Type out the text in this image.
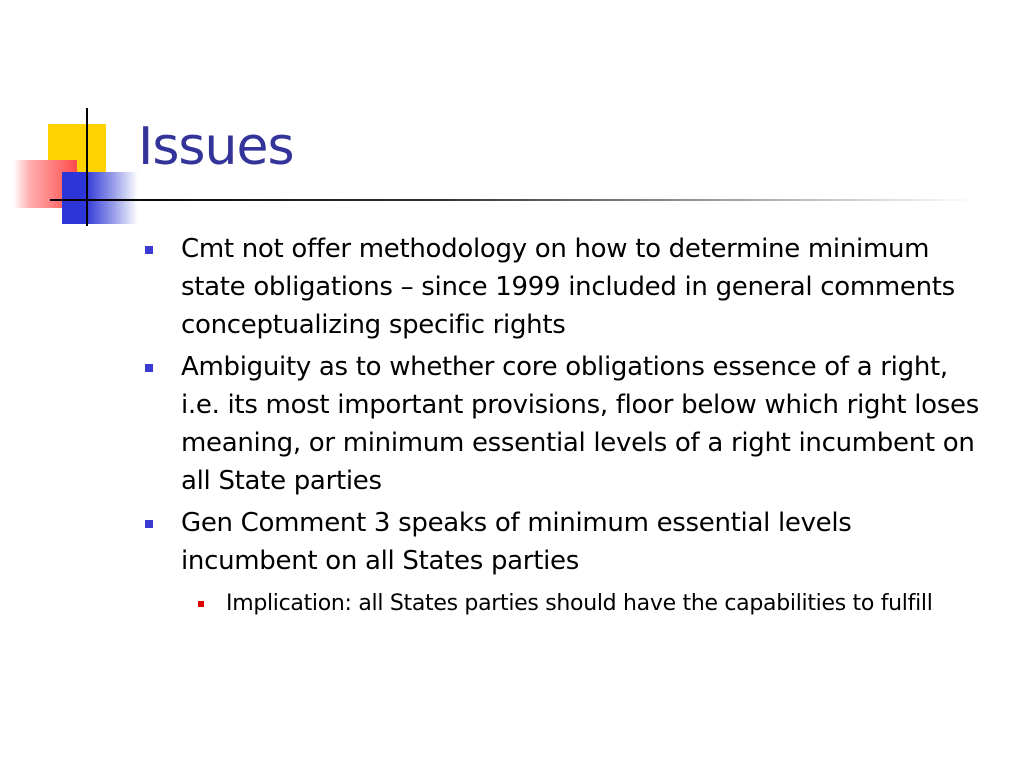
Issues
Cmt not offer methodology on how to determine minimum state obligations – since 1999 included in general comments conceptualizing specific rights
Ambiguity as to whether core obligations essence of a right, i.e. its most important provisions, floor below which right loses meaning, or minimum essential levels of a right incumbent on all State parties
Gen Comment 3 speaks of minimum essential levels incumbent on all States parties
Implication: all States parties should have the capabilities to fulfill
